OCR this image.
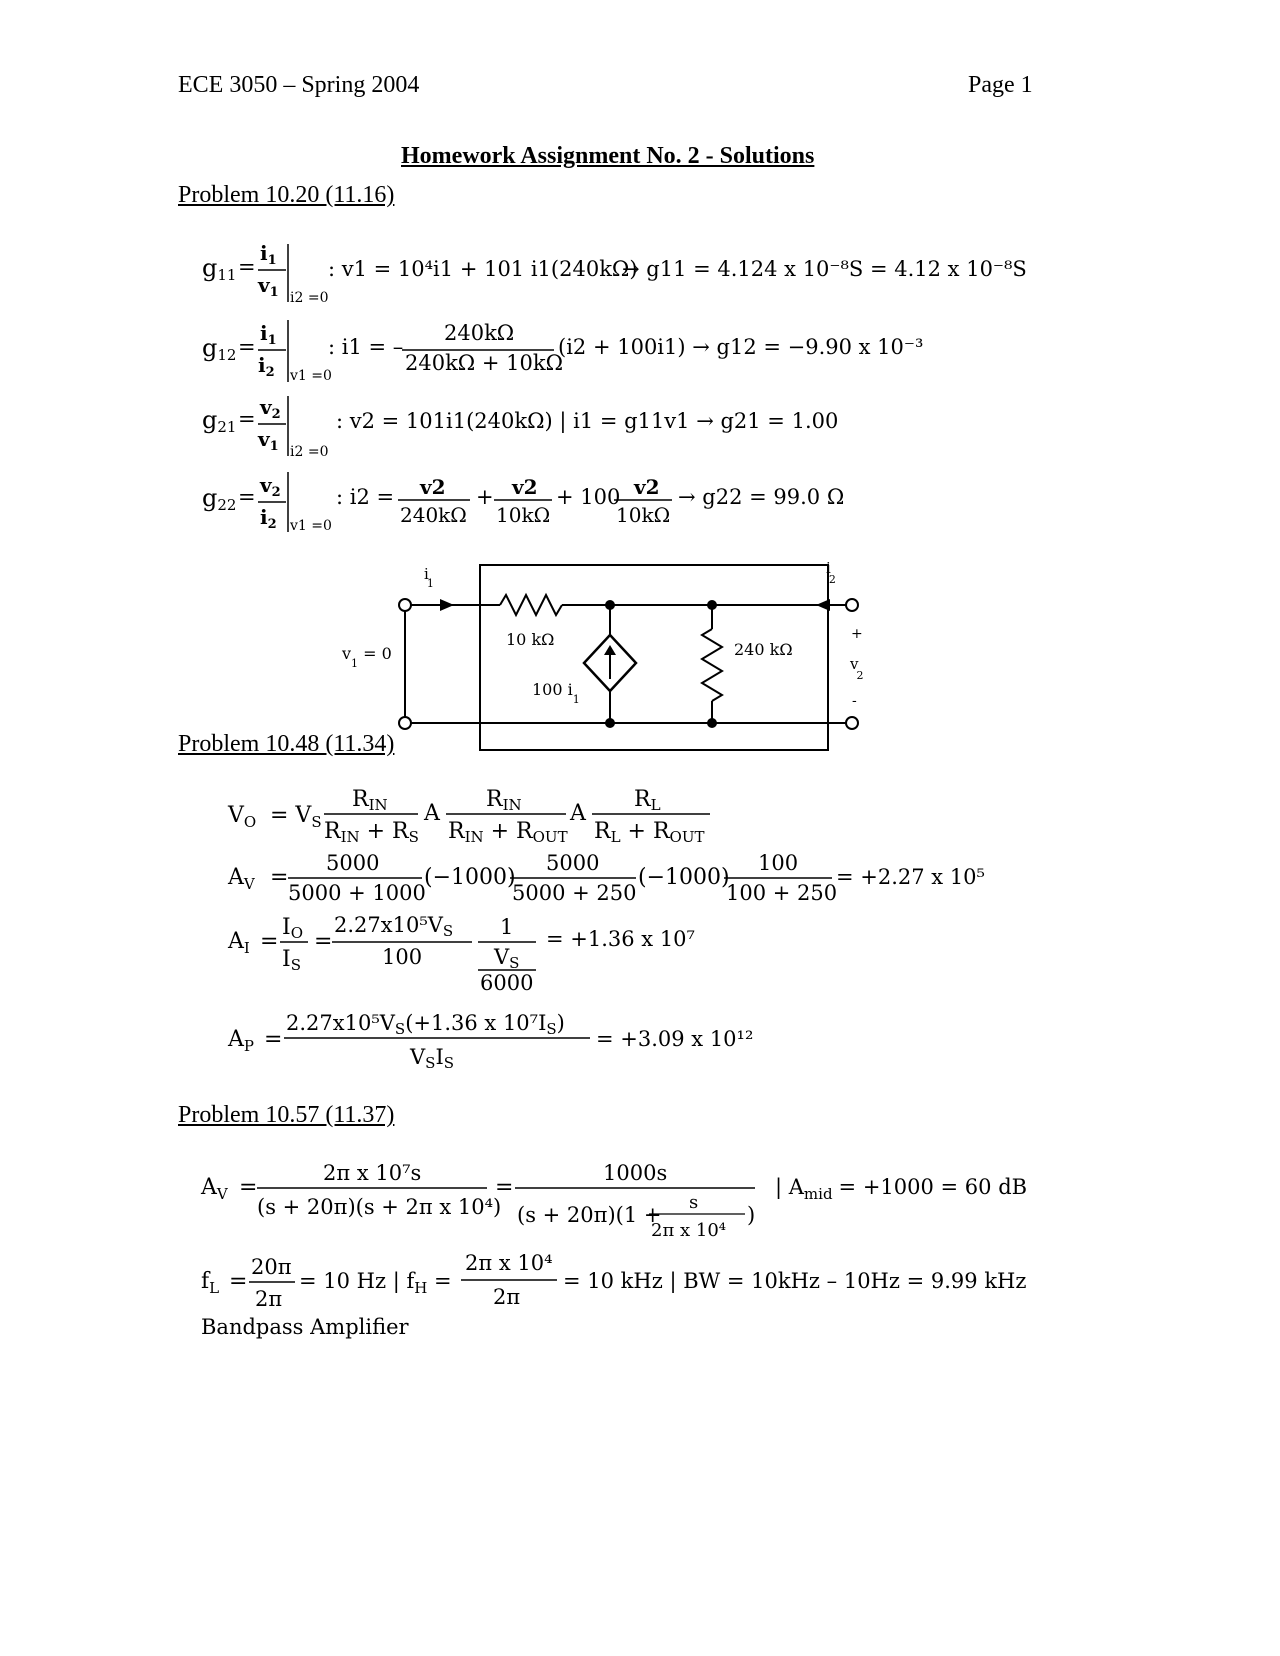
ECE 3050 – Spring 2004	Page 1
Homework Assignment No. 2 - Solutions
Problem 10.20 (11.16)
g11 =
$i_1$
$v_1$ i2 =0
: v1 = 10⁴i1 + 101 i1(240kΩ)
→ g11 = 4.124 x 10⁻⁸S = 4.12 x 10⁻⁸S
g12 =
$i_1$
$i_2$ v1 =0
: i1 = –
240kΩ
240kΩ + 10kΩ
(i2 + 100i1) → g12 = −9.90 x 10⁻³
$g21 = v_2$
$v_1$ i2 =0
: v2 = 101i1(240kΩ) | i1 = g11v1 → g21 = 1.00
$g22 = v_2$
$i_2$ v1 =0
: i2 = v2
240kΩ
+ v2
10kΩ
+ 100 v2
10kΩ
→ g22 = 99.0 Ω
i 1
10 kΩ
100 $i_1$
240 kΩ
i 2
+
v 2
-
$v_1 = 0$
Problem 10.48 (11.34)
$V_O = V_S$
RIN
RIN + RS
A
RIN
RIN + ROUT
A
RL
RL + ROUT
$A_V$ =
5000
5000 + 1000
(−1000)
5000
5000 + 250
(−1000)
100
100 + 250
= +2.27 x 10⁵
$A_I$ =
IO
IS
=
2.27x10⁵VS
100
1
VS
6000
= +1.36 x 10⁷
$A_P$ =
2.27x10⁵VS(+1.36 x 10⁷IS)
VSIS
= +3.09 x 10¹²
Problem 10.57 (11.37)
$A_V$ =
2π x 10⁷s
(s + 20π)(s + 2π x 10⁴)
=
1000s
(s + 20π)(1 +
s
2π x 10⁴
)
| $A_{mid} = +1000 = 60$ dB
$f_L$ =
20π
2π
= 10 Hz | $f_H$ =
2π x 10⁴
2π
= 10 kHz | BW = 10kHz – 10Hz = 9.99 kHz
Bandpass Amplifier
